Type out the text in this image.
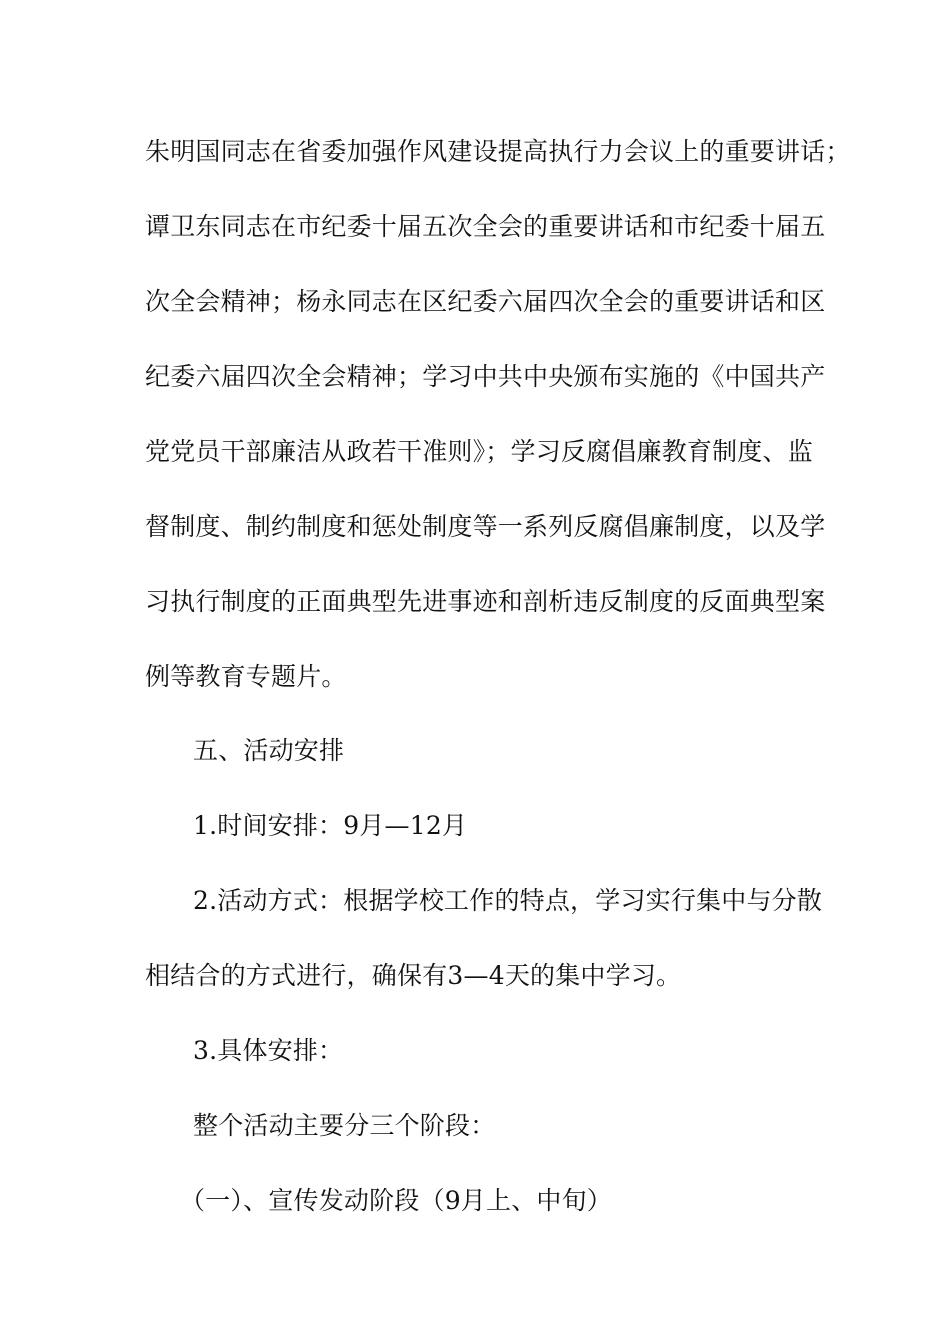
朱明国同志在省委加强作风建设提高执行力会议上的重要讲话；
谭卫东同志在市纪委十届五次全会的重要讲话和市纪委十届五
次全会精神；杨永同志在区纪委六届四次全会的重要讲话和区
纪委六届四次全会精神；学习中共中央颁布实施的《中国共产
党党员干部廉洁从政若干准则》；学习反腐倡廉教育制度、监
督制度、制约制度和惩处制度等一系列反腐倡廉制度，以及学
习执行制度的正面典型先进事迹和剖析违反制度的反面典型案
例等教育专题片。
五、活动安排
1.时间安排：9月—12月
2.活动方式：根据学校工作的特点，学习实行集中与分散
相结合的方式进行，确保有3—4天的集中学习。
3.具体安排：
整个活动主要分三个阶段：
（一）、宣传发动阶段（9月上、中旬）
